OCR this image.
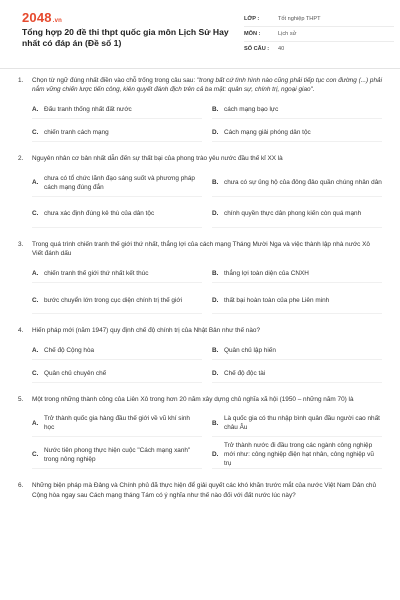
2048.vn
Tổng hợp 20 đề thi thpt quốc gia môn Lịch Sử Hay nhất có đáp án (Đề số 1)
LỚP :	Tốt nghiệp THPT
MÔN :	Lịch sử
SỐ CÂU :	40
1.	Chọn từ ngữ đúng nhất điền vào chỗ trống trong câu sau: "trong bất cứ tình hình nào cũng phải tiếp tục con đường (...) phải nắm vững chiến lược tiến công, kiên quyết đánh địch trên cả ba mặt: quân sự, chính trị, ngoại giao".
A. Đấu tranh thống nhất đất nước	B. cách mạng bạo lực
C. chiến tranh cách mạng	D. Cách mạng giải phóng dân tộc
2.	Nguyên nhân cơ bản nhất dẫn đến sự thất bại của phong trào yêu nước đầu thế kỉ XX là
A.
chưa có tổ chức lãnh đạo sáng suốt và phương pháp cách mạng đúng đắn
B. chưa có sự ủng hộ của đông đảo quần chúng nhân dân
C. chưa xác định đúng kẻ thù của dân tộc	D. chính quyền thực dân phong kiến còn quá mạnh
3.	Trong quá trình chiến tranh thế giới thứ nhất, thắng lợi của cách mạng Tháng Mười Nga và việc thành lập nhà nước Xô Viết đánh dấu
A. chiến tranh thế giới thứ nhất kết thúc	B. thắng lợi toàn diện của CNXH
C. bước chuyển lớn trong cục diện chính trị thế giới	D. thất bại hoàn toàn của phe Liên minh
4.	Hiến pháp mới (năm 1947) quy định chế độ chính trị của Nhật Bản như thế nào?
A. Chế độ Cộng hòa	B. Quân chủ lập hiến
C. Quân chủ chuyên chế	D. Chế độ độc tài
5.	Một trong những thành công của Liên Xô trong hơn 20 năm xây dựng chủ nghĩa xã hội (1950 – những năm 70) là
A.
Trở thành quốc gia hàng đầu thế giới về vũ khí sinh học
B.
Là quốc gia có thu nhập bình quân đầu người cao nhất châu Âu
C.
Nước tiên phong thực hiện cuộc "Cách mạng xanh" trong nông nghiệp
D.
Trở thành nước đi đầu trong các ngành công nghiệp mới như: công nghiệp điện hạt nhân, công nghiệp vũ trụ
6.	Những biện pháp mà Đảng và Chính phủ đã thực hiện để giải quyết các khó khăn trước mắt của nước Việt Nam Dân chủ Cộng hòa ngay sau Cách mạng tháng Tám có ý nghĩa như thế nào đối với đất nước lúc này?
